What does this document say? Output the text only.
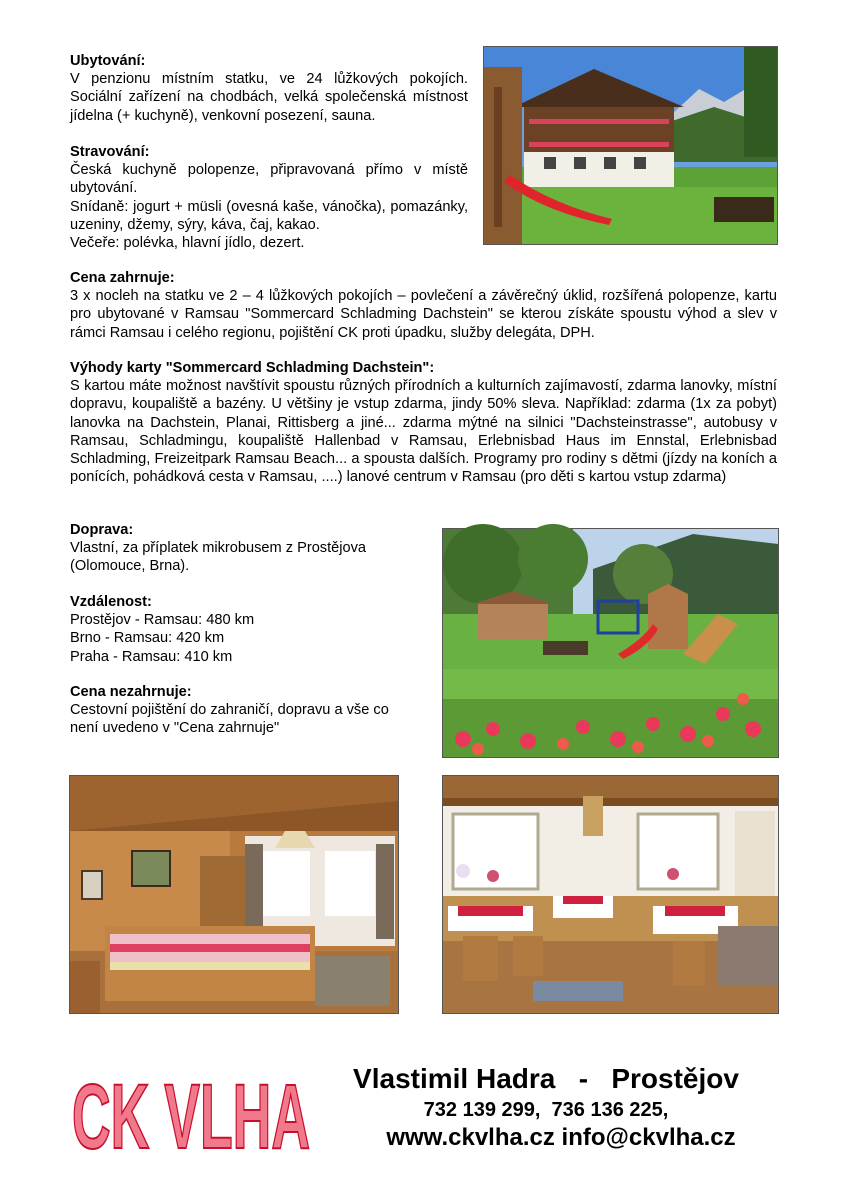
Ubytování:

V penzionu místním statku, ve 24 lůžkových pokojích. Sociální zařízení na chodbách, velká společenská místnost jídelna (+ kuchyně), venkovní posezení, sauna.

Stravování:

Česká kuchyně polopenze, připravovaná přímo v místě ubytování.

Snídaně: jogurt + müsli (ovesná kaše, vánočka), pomazánky, uzeniny, džemy, sýry, káva, čaj, kakao.

Večeře: polévka, hlavní jídlo, dezert.

Cena zahrnuje:

3 x nocleh na statku ve 2 – 4 lůžkových pokojích – povlečení a závěrečný úklid, rozšířená polopenze, kartu pro ubytované v Ramsau "Sommercard Schladming Dachstein" se kterou získáte spoustu výhod a slev v rámci Ramsau i celého regionu, pojištění CK proti úpadku, služby delegáta, DPH.

Výhody karty "Sommercard Schladming Dachstein":

S kartou máte možnost navštívit spoustu různých přírodních a kulturních zajímavostí, zdarma lanovky, místní dopravu, koupaliště a bazény. U většiny je vstup zdarma, jindy 50% sleva. Například: zdarma (1x za pobyt) lanovka na Dachstein, Planai, Rittisberg a jiné... zdarma mýtné na silnici "Dachsteinstrasse", autobusy v Ramsau, Schladmingu, koupaliště Hallenbad v Ramsau, Erlebnisbad Haus im Ennstal, Erlebnisbad Schladming, Freizeitpark Ramsau Beach... a spousta dalších. Programy pro rodiny s dětmi (jízdy na koních a ponících, pohádková cesta v Ramsau, ....) lanové centrum v Ramsau (pro děti s kartou vstup zdarma)

Doprava:

Vlastní, za příplatek mikrobusem z Prostějova

(Olomouce, Brna).

Vzdálenost:

Prostějov - Ramsau: 480 km

Brno - Ramsau: 420 km

Praha - Ramsau: 410 km

Cena nezahrnuje:

Cestovní pojištění do zahraničí, dopravu a vše co

není uvedeno v "Cena zahrnuje"

CK VLHA	Vlastimil Hadra   -   Prostějov
732 139 299,  736 136 225,
www.ckvlha.cz info@ckvlha.cz
